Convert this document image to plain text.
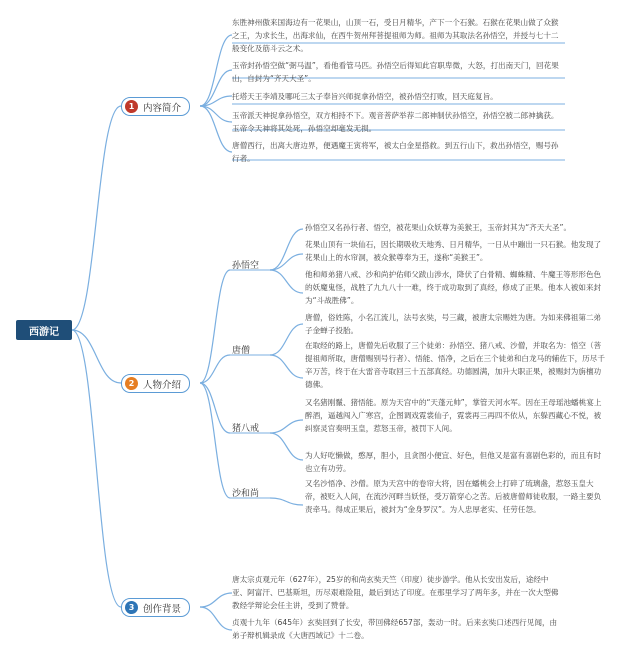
西游记
1 内容简介
2 人物介绍
3 创作背景
东胜神州傲来国海边有一花果山，山顶一石，受日月精华，产下一个石猴。石猴在花果山做了众猴之王，为求长生，出海求仙，在西牛贺州拜菩提祖师为师。祖师为其取法名孙悟空，并授与七十二般变化及筋斗云之术。
玉帝封孙悟空做“弼马温”，看他看管马匹。孙悟空后得知此官职卑微，大怒，打出南天门，回花果山，自封为“齐天大圣”。
托塔天王李靖及哪吒三太子奉旨兴师捉拿孙悟空，被孙悟空打败，回天庭复旨。
玉帝派天神捉拿孙悟空，双方相持不下。观音菩萨举荐二郎神制伏孙悟空，孙悟空被二郎神擒获。玉帝令天神将其处死，孙悟空却毫发无损。
唐僧西行，出离大唐边界，便遇魔王寅将军，被太白金星搭救。到五行山下，救出孙悟空，赐号孙行者。
孙悟空
唐僧
猪八戒
沙和尚
孙悟空又名孙行者、悟空，被花果山众妖尊为美猴王，玉帝封其为“齐天大圣”。
花果山顶有一块仙石，因长期吸收天地秀、日月精华，一日从中蹦出一只石猴。他发现了花果山上的水帘洞，被众猴尊奉为王，遂称“美猴王”。
他和师弟猪八戒、沙和尚护佑师父跋山涉水，降伏了白骨精、蜘蛛精、牛魔王等形形色色的妖魔鬼怪，战胜了九九八十一难，终于成功取到了真经，修成了正果。他本人被如来封为“斗战胜佛”。
唐僧，俗姓陈，小名江流儿，法号玄奘，号三藏，被唐太宗赐姓为唐。为如来佛祖第二弟子金蝉子投胎。
在取经的路上，唐僧先后收服了三个徒弟：孙悟空、猪八戒、沙僧，并取名为：悟空（菩提祖师所取，唐僧赐别号行者）、悟能、悟净，之后在三个徒弟和白龙马的辅佐下，历尽千辛万苦，终于在大雷音寺取回三十五部真经。功德圆满，加升大职正果，被赐封为旃檀功德佛。
又名猪刚鬣、猪悟能。原为天宫中的“天蓬元帅”，掌管天河水军。因在王母瑶池蟠桃宴上醉酒，逼越闯入广寒宫，企图调戏霓裳仙子，霓裳再三再四不依从，东躲西藏心不悦，被纠察灵官奏明玉皇，惹怒玉帝，被罚下人间。
为人好吃懒做，憨厚，胆小，且贪图小便宜、好色，但他又是富有喜剧色彩的，而且有时也立有功劳。
又名沙悟净、沙僧。原为天宫中的卷帘大将，因在蟠桃会上打碎了琉璃盏，惹怒玉皇大帝，被贬入人间，在流沙河畔当妖怪，受万箭穿心之苦。后被唐僧师徒收服，一路主要负责牵马。得成正果后，被封为“金身罗汉”。为人忠厚老实、任劳任怨。
唐太宗贞观元年（627年），25岁的和尚玄奘天竺（印度）徒步游学。他从长安出发后，途经中亚、阿富汗、巴基斯坦，历尽艰难险阻，最后到达了印度。在那里学习了两年多，并在一次大型佛教经学辩论会任主讲，受到了赞誉。
贞观十九年（645年）玄奘回到了长安，带回佛经657部，轰动一时。后来玄奘口述西行见闻，由弟子辩机辑录成《大唐西域记》十二卷。
